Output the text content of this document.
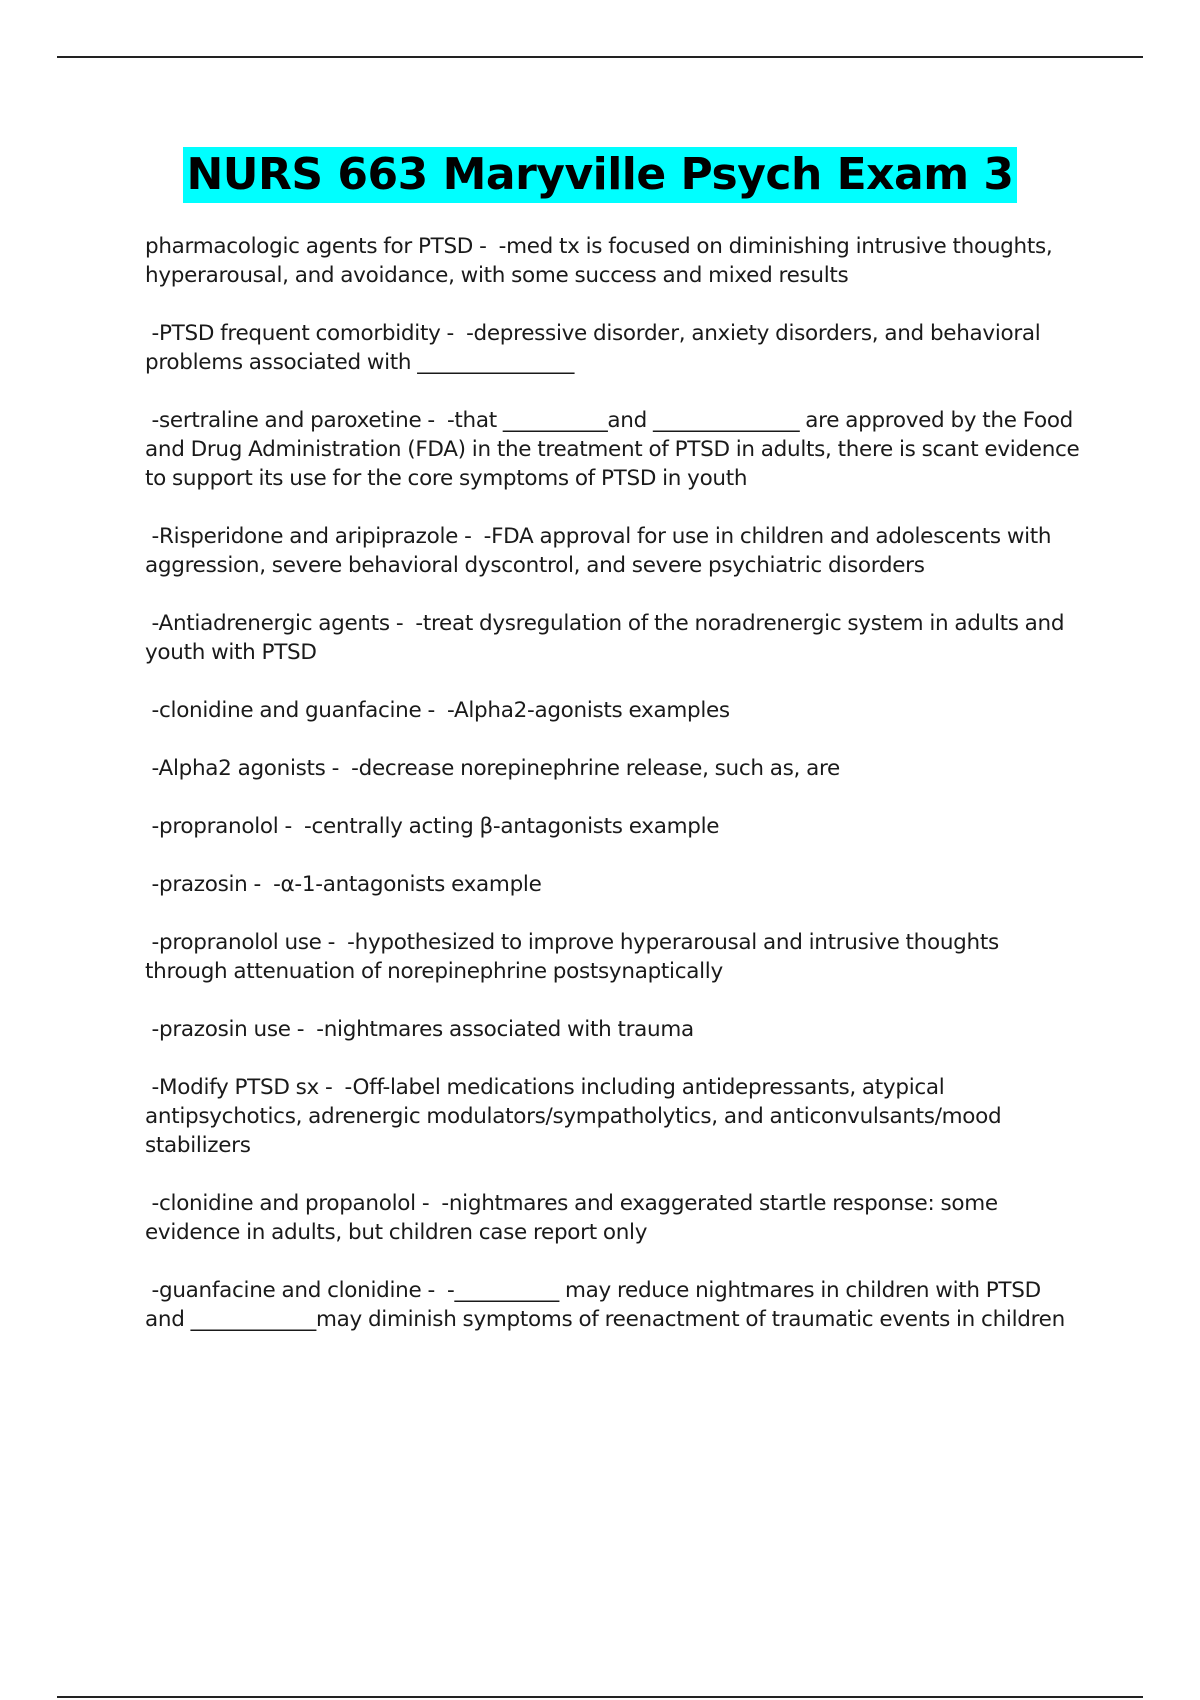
NURS 663 Maryville Psych Exam 3

pharmacologic agents for PTSD -  -med tx is focused on diminishing intrusive thoughts, hyperarousal, and avoidance, with some success and mixed results

-PTSD frequent comorbidity -  -depressive disorder, anxiety disorders, and behavioral problems associated with _______________

-sertraline and paroxetine -  -that __________and ______________ are approved by the Food and Drug Administration (FDA) in the treatment of PTSD in adults, there is scant evidence to support its use for the core symptoms of PTSD in youth

-Risperidone and aripiprazole -  -FDA approval for use in children and adolescents with aggression, severe behavioral dyscontrol, and severe psychiatric disorders

-Antiadrenergic agents -  -treat dysregulation of the noradrenergic system in adults and youth with PTSD

-clonidine and guanfacine -  -Alpha2-agonists examples

-Alpha2 agonists -  -decrease norepinephrine release, such as, are

-propranolol -  -centrally acting β-antagonists example

-prazosin -  -α-1-antagonists example

-propranolol use -  -hypothesized to improve hyperarousal and intrusive thoughts through attenuation of norepinephrine postsynaptically

-prazosin use -  -nightmares associated with trauma

-Modify PTSD sx -  -Off-label medications including antidepressants, atypical antipsychotics, adrenergic modulators/sympatholytics, and anticonvulsants/mood stabilizers

-clonidine and propanolol -  -nightmares and exaggerated startle response: some evidence in adults, but children case report only

-guanfacine and clonidine -  -__________ may reduce nightmares in children with PTSD and ____________may diminish symptoms of reenactment of traumatic events in children
